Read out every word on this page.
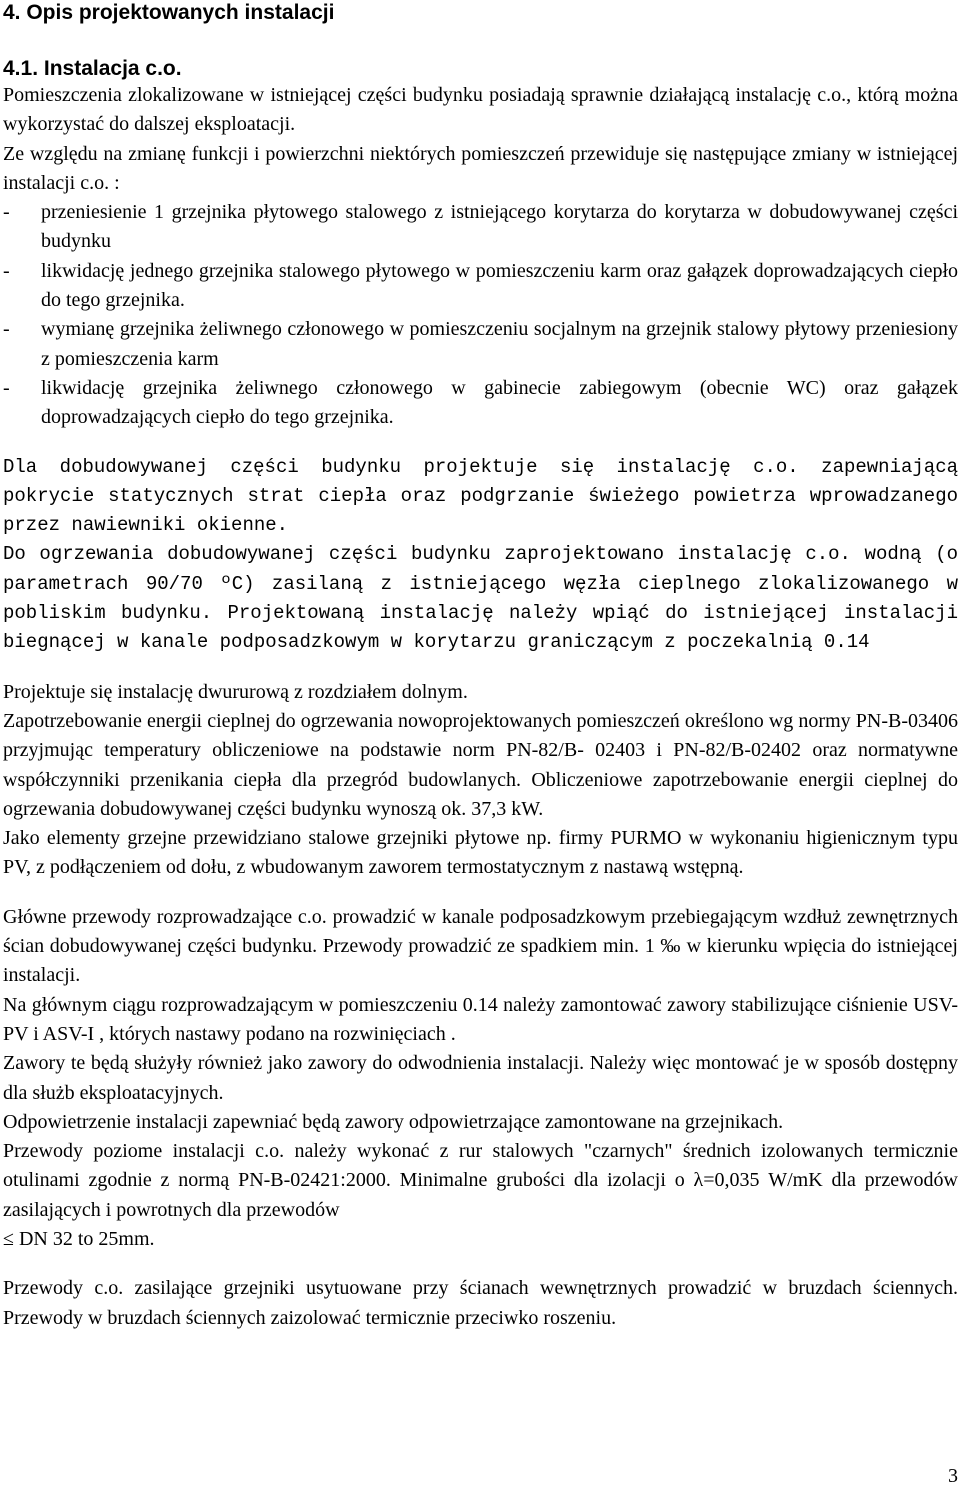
4. Opis projektowanych instalacji
4.1. Instalacja c.o.

Pomieszczenia zlokalizowane w istniejącej części budynku posiadają sprawnie działającą instalację c.o., którą można wykorzystać do dalszej eksploatacji.

Ze względu na zmianę funkcji i powierzchni niektórych pomieszczeń przewiduje się następujące zmiany w istniejącej instalacji c.o. :

-	przeniesienie 1 grzejnika płytowego stalowego z istniejącego korytarza do korytarza w dobudowywanej części budynku
-	likwidację jednego grzejnika stalowego płytowego w pomieszczeniu karm oraz gałązek doprowadzających ciepło do tego grzejnika.
-	wymianę grzejnika żeliwnego członowego w pomieszczeniu socjalnym na grzejnik stalowy płytowy przeniesiony z pomieszczenia karm
-	likwidację grzejnika żeliwnego członowego w gabinecie zabiegowym (obecnie WC) oraz gałązek doprowadzających ciepło do tego grzejnika.

Dla dobudowywanej części budynku projektuje się instalację c.o. zapewniającą pokrycie statycznych strat ciepła oraz podgrzanie świeżego powietrza wprowadzanego przez nawiewniki okienne.

Do ogrzewania dobudowywanej części budynku zaprojektowano instalację c.o. wodną (o parametrach 90/70 ºC) zasilaną z istniejącego węzła cieplnego zlokalizowanego w pobliskim budynku. Projektowaną instalację należy wpiąć do istniejącej instalacji biegnącej w kanale podposadzkowym w korytarzu graniczącym z poczekalnią 0.14

Projektuje się instalację dwururową z rozdziałem dolnym.

Zapotrzebowanie energii cieplnej do ogrzewania nowoprojektowanych pomieszczeń określono wg normy PN-B-03406 przyjmując temperatury obliczeniowe na podstawie norm PN-82/B- 02403 i PN-82/B-02402 oraz normatywne współczynniki przenikania ciepła dla przegród budowlanych. Obliczeniowe zapotrzebowanie energii cieplnej do ogrzewania dobudowywanej części budynku wynoszą ok. 37,3 kW.

Jako elementy grzejne przewidziano stalowe grzejniki płytowe np. firmy PURMO w wykonaniu higienicznym typu PV, z podłączeniem od dołu, z wbudowanym zaworem termostatycznym z nastawą wstępną.

Główne przewody rozprowadzające c.o. prowadzić w kanale podposadzkowym przebiegającym wzdłuż zewnętrznych ścian dobudowywanej części budynku. Przewody prowadzić ze spadkiem min. 1 ‰ w kierunku wpięcia do istniejącej instalacji.

Na głównym ciągu rozprowadzającym w pomieszczeniu 0.14 należy zamontować zawory stabilizujące ciśnienie USV-PV i ASV-I , których nastawy podano na rozwinięciach .

Zawory te będą służyły również jako zawory do odwodnienia instalacji. Należy więc montować je w sposób dostępny dla służb eksploatacyjnych.

Odpowietrzenie instalacji zapewniać będą zawory odpowietrzające zamontowane na grzejnikach.

Przewody poziome instalacji c.o. należy wykonać z rur stalowych "czarnych" średnich izolowanych termicznie otulinami zgodnie z normą PN-B-02421:2000. Minimalne grubości dla izolacji o λ=0,035 W/mK dla przewodów zasilających i powrotnych dla przewodów

≤ DN 32 to 25mm.

Przewody c.o. zasilające grzejniki usytuowane przy ścianach wewnętrznych prowadzić w bruzdach ściennych. Przewody w bruzdach ściennych zaizolować termicznie przeciwko roszeniu.

3
